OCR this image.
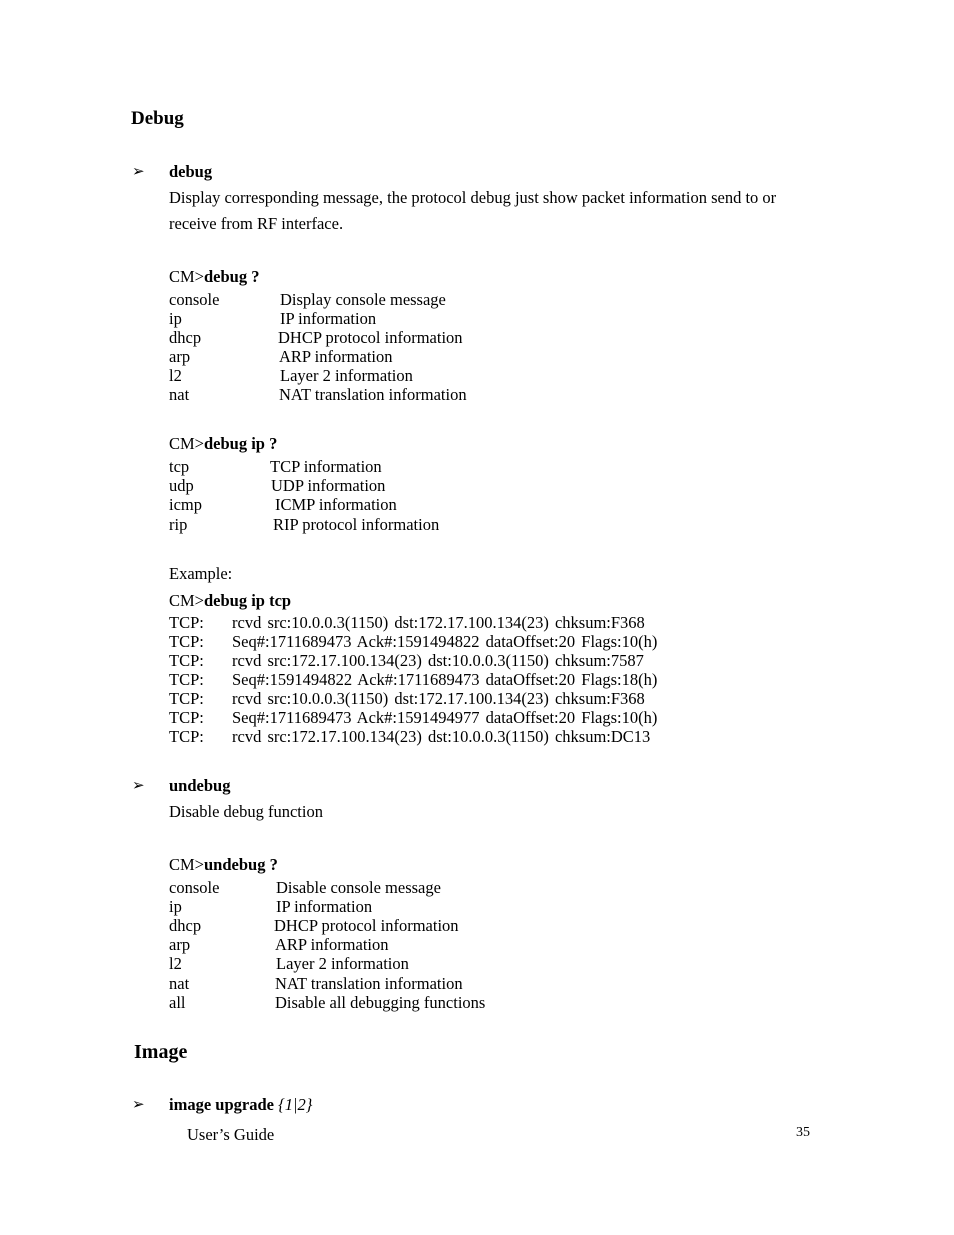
Debug
➢ debug
Display corresponding message, the protocol debug just show packet information send to or
receive from RF interface.
CM>debug ?
console	Display console message
ip	IP information
dhcp	DHCP protocol information
arp	ARP information
l2	Layer 2 information
nat	NAT translation information
CM>debug ip ?
tcp	TCP information
udp	UDP information
icmp	ICMP information
rip	RIP protocol information
Example:
CM>debug ip tcp
TCP: rcvd src:10.0.0.3(1150) dst:172.17.100.134(23) chksum:F368
TCP: Seq#:1711689473 Ack#:1591494822 dataOffset:20 Flags:10(h)
TCP: rcvd src:172.17.100.134(23) dst:10.0.0.3(1150) chksum:7587
TCP: Seq#:1591494822 Ack#:1711689473 dataOffset:20 Flags:18(h)
TCP: rcvd src:10.0.0.3(1150) dst:172.17.100.134(23) chksum:F368
TCP: Seq#:1711689473 Ack#:1591494977 dataOffset:20 Flags:10(h)
TCP: rcvd src:172.17.100.134(23) dst:10.0.0.3(1150) chksum:DC13
➢ undebug
Disable debug function
CM>undebug ?
console	Disable console message
ip	IP information
dhcp	DHCP protocol information
arp	ARP information
l2	Layer 2 information
nat	NAT translation information
all	Disable all debugging functions
Image
➢ image upgrade {1|2}
User’s Guide	35
